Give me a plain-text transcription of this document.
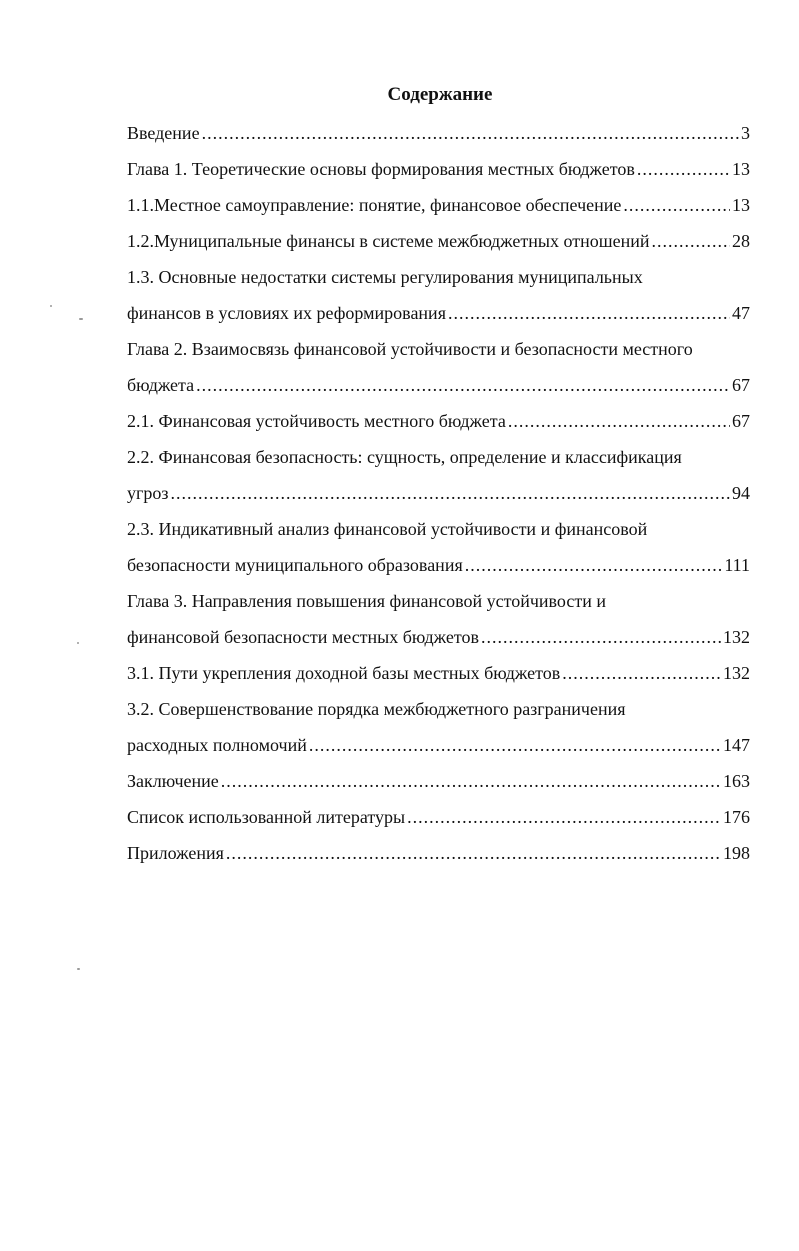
Содержание
Введение .....	3
Глава 1. Теоретические основы формирования местных бюджетов .....	13
1.1. Местное самоуправление: понятие, финансовое обеспечение .....	13
1.2. Муниципальные финансы в системе межбюджетных отношений .....	28
1.3. Основные недостатки системы регулирования муниципальных
финансов в условиях их реформирования .....	47
Глава 2. Взаимосвязь финансовой устойчивости и безопасности местного
бюджета .....	67
2.1. Финансовая устойчивость местного бюджета .....	67
2.2. Финансовая безопасность: сущность, определение и классификация
угроз .....	94
2.3. Индикативный анализ финансовой устойчивости и финансовой
безопасности муниципального образования .....	111
Глава 3. Направления повышения финансовой устойчивости и
финансовой безопасности местных бюджетов .....	132
3.1. Пути укрепления доходной базы местных бюджетов .....	132
3.2. Совершенствование порядка межбюджетного разграничения
расходных полномочий .....	147
Заключение .....	163
Список использованной литературы .....	176
Приложения .....	198
